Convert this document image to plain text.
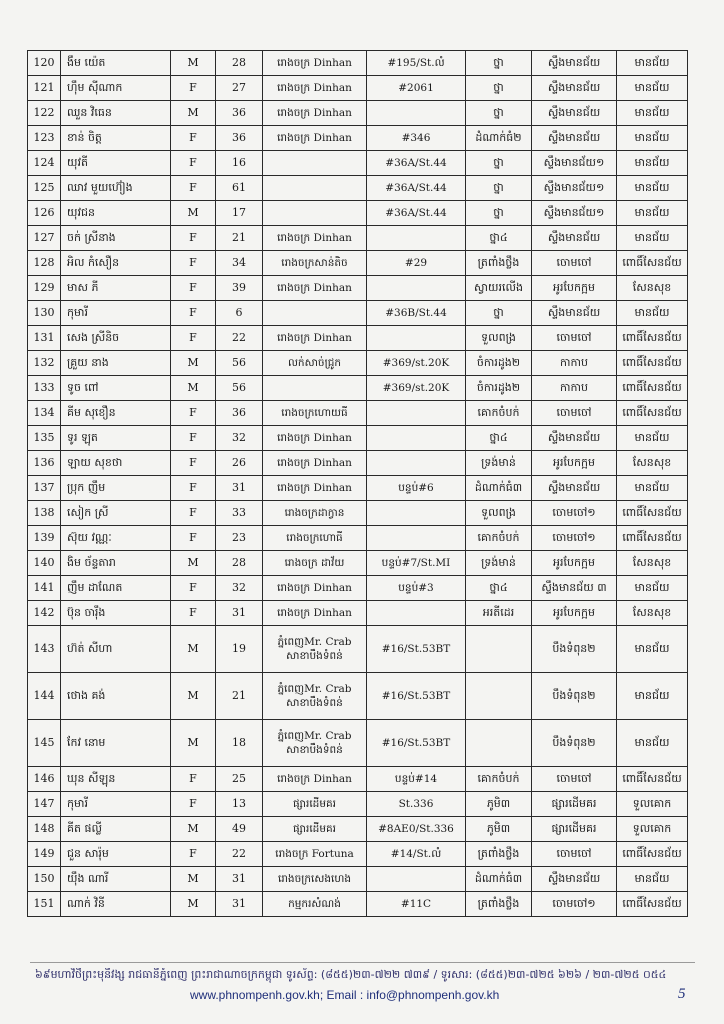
120	ងឹម យ៉េត	M	28	រោងចក្រ Dinhan	#195/St.លំ	ថ្នា	ស្ទឹងមានជ័យ	មានជ័យ
121	ហ៊ឹម ស៊ីណាក	F	27	រោងចក្រ Dinhan	#2061	ថ្នា	ស្ទឹងមានជ័យ	មានជ័យ
122	ឈួន វិធេន	M	36	រោងចក្រ Dinhan		ថ្នា	ស្ទឹងមានជ័យ	មានជ័យ
123	ខាន់ ចិត្ត	F	36	រោងចក្រ Dinhan	#346	ដំណាក់ធំ២	ស្ទឹងមានជ័យ	មានជ័យ
124	យុវតី	F	16		#36A/St.44	ថ្នា	ស្ទឹងមានជ័យ១	មានជ័យ
125	ឈាវ មួយហ៊ៀង	F	61		#36A/St.44	ថ្នា	ស្ទឹងមានជ័យ១	មានជ័យ
126	យុវជន	M	17		#36A/St.44	ថ្នា	ស្ទឹងមានជ័យ១	មានជ័យ
127	ចក់ ស្រីនាង	F	21	រោងចក្រ Dinhan		ថ្នា៤	ស្ទឹងមានជ័យ	មានជ័យ
128	អិល កំសឿន	F	34	រោងចក្រសាន់តិច	#29	ត្រពាំងថ្លឹង	ចោមចៅ	ពោធិ៍សែនជ័យ
129	មាស ភី	F	39	រោងចក្រ Dinhan		ស្វាយរលើង	អូរបែកក្អម	សែនសុខ
130	កុមារី	F	6		#36B/St.44	ថ្នា	ស្ទឹងមានជ័យ	មានជ័យ
131	សេង ស្រីនិច	F	22	រោងចក្រ Dinhan		ទួលពង្រ	ចោមចៅ	ពោធិ៍សែនជ័យ
132	គ្រួយ នាង	M	56	លក់សាច់ជ្រូក	#369/st.20K	ចំការដូង២	កាកាប	ពោធិ៍សែនជ័យ
133	ទូច ពៅ	M	56		#369/st.20K	ចំការដូង២	កាកាប	ពោធិ៍សែនជ័យ
134	គីម សុខឿន	F	36	រោងចក្រហោយធី		គោកចំបក់	ចោមចៅ	ពោធិ៍សែនជ័យ
135	ទូរ ឡុត	F	32	រោងចក្រ Dinhan		ថ្នា៤	ស្ទឹងមានជ័យ	មានជ័យ
136	ឡាយ សុខថា	F	26	រោងចក្រ Dinhan		ទ្រង់មាន់	អូរបែកក្អម	សែនសុខ
137	ប្រុក ញឹម	F	31	រោងចក្រ Dinhan	បន្ទប់#6	ដំណាក់ធំ៣	ស្ទឹងមានជ័យ	មានជ័យ
138	សៀក ស្រី	F	33	រោងចក្រដាក្វាន		ទួលពង្រ	ចោមចៅ១	ពោធិ៍សែនជ័យ
139	ស៊ុយ វណ្ណៈ	F	23	រោងចក្រហោធី		គោកចំបក់	ចោមចៅ១	ពោធិ៍សែនជ័យ
140	ងិម ច័ន្ទតារា	M	28	រោងចក្រ ដាវ័យ	បន្ទប់#7/St.MI	ទ្រង់មាន់	អូរបែកក្អម	សែនសុខ
141	ញឹម ដាណែត	F	32	រោងចក្រ Dinhan	បន្ទប់#3	ថ្នា៤	ស្ទឹងមានជ័យ ៣	មានជ័យ
142	ប៊ុន ចារ៉ឹង	F	31	រោងចក្រ Dinhan		អរតីដេរ	អូរបែកក្អម	សែនសុខ
143	ហ៊ត់ សីហា	M	19	ភ្នំពេញMr. Crab
សាខាបឹងទំពន់	#16/St.53BT		បឹងទំពុន២	មានជ័យ
144	ថោង គង់	M	21	ភ្នំពេញMr. Crab
សាខាបឹងទំពន់	#16/St.53BT		បឹងទំពុន២	មានជ័យ
145	កែវ នោម	M	18	ភ្នំពេញMr. Crab
សាខាបឹងទំពន់	#16/St.53BT		បឹងទំពុន២	មានជ័យ
146	ឃុន សីឡុន	F	25	រោងចក្រ Dinhan	បន្ទប់#14	គោកចំបក់	ចោមចៅ	ពោធិ៍សែនជ័យ
147	កុមារី	F	13	ផ្សារដើមគរ	St.336	ភូមិ៣	ផ្សារដើមគរ	ទួលគោក
148	គីត ផល្លី	M	49	ផ្សារដើមគរ	#8AE0/St.336	ភូមិ៣	ផ្សារដើមគរ	ទួលគោក
149	ជួន សារ៉ុម	F	22	រោងចក្រ Fortuna	#14/St.លំ	ត្រពាំងថ្លឹង	ចោមចៅ	ពោធិ៍សែនជ័យ
150	យ៉ឹង ណារី	M	31	រោងចក្រសេងហេង		ដំណាក់ធំ៣	ស្ទឹងមានជ័យ	មានជ័យ
151	ណាក់ វិនី	M	31	កម្មករសំណង់	#11C	ត្រពាំងថ្លឹង	ចោមចៅ១	ពោធិ៍សែនជ័យ
៦៩មហាវិថីព្រះមុនីវង្ស រាជធានីភ្នំពេញ ព្រះរាជាណាចក្រកម្ពុជា ទូរស័ព្ទ: (៨៥៥)២៣-៧២២ ៧៣៩ / ទូរសារ: (៨៥៥)២៣-៧២៥ ៦២៦ / ២៣-៧២៥ ០៥៤
www.phnompenh.gov.kh; Email : info@phnompenh.gov.kh	5
